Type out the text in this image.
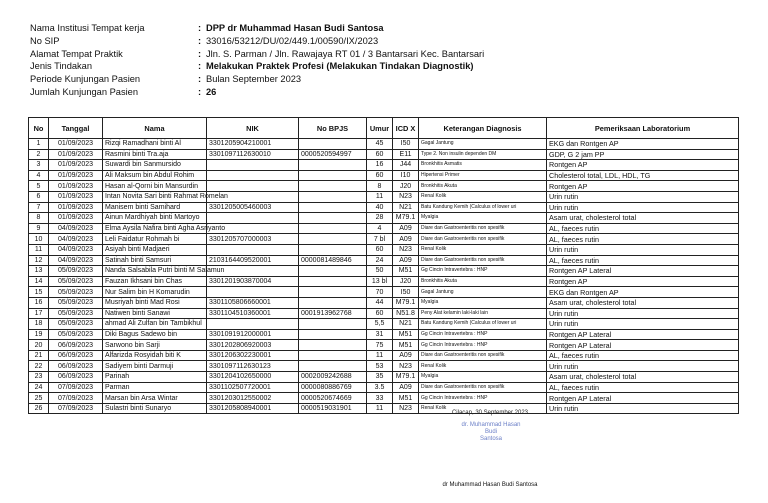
Nama Institusi Tempat kerja	: DPP dr Muhammad Hasan Budi Santosa
No SIP	: 33016/53212/DU/02/449.1/00590/IX/2023
Alamat Tempat Praktik	: Jln. S. Parman / Jln. Rawajaya RT 01 / 3 Bantarsari Kec. Bantarsari
Jenis Tindakan	: Melakukan Praktek Profesi (Melakukan Tindakan Diagnostik)
Periode Kunjungan Pasien	: Bulan September 2023
Jumlah Kunjungan Pasien	: 26
No	Tanggal	Nama	NIK	No BPJS	Umur	ICD X	Keterangan Diagnosis	Pemeriksaan Laboratorium
1	01/09/2023	Rizqi Ramadhani binti Al	3301205904210001		45	I50	Gagal Jantung	EKG dan Rontgen AP
2	01/09/2023	Rasmini binti Tra.aja	3301097112630010	0000520594997	60	E11	Type 2. Non insulin dependen DM	GDP, G 2 jam PP
3	01/09/2023	Suwardi bin Sanmursido			16	J44	Bronkhitis Asmatis	Rontgen AP
4	01/09/2023	Ali Maksum bin Abdul Rohim			60	I10	Hipertensi Primer	Cholesterol total, LDL, HDL, TG
5	01/09/2023	Hasan al-Qorni bin Mansurdin			8	J20	Bronkhitis Akuta	Rontgen AP
6	01/09/2023	Intan Novita Sari binti Rahmat Romelan			11	N23	Renal Kolik	Urin rutin
7	01/09/2023	Manisem binti Samihard	3301205005460003		40	N21	Batu Kandung Kemih (Calculus of lower uri	Urin rutin
8	01/09/2023	Ainun Mardhiyah binti Martoyo			28	M79.1	Myalgia	Asam urat, cholesterol total
9	04/09/2023	Elma Aysila Nafira binti Agha Asriyanto			4	A09	Diare dan Gastroenteritis non spesifik	AL, faeces rutin
10	04/09/2023	Leli Faidatur Rohmah bi	3301205707000003		7 bl	A09	Diare dan Gastroenteritis non spesifik	AL, faeces rutin
11	04/09/2023	Asiyah binti Madjaeri			60	N23	Renal Kolik	Urin rutin
12	04/09/2023	Satinah binti Samsuri	2103164409520001	0000081489846	24	A09	Diare dan Gastroenteritis non spesifik	AL, faeces rutin
13	05/09/2023	Nanda Salsabila Putri binti M Salamun			50	M51	Gg Cincin Intravertebra : HNP	Rontgen AP Lateral
14	05/09/2023	Fauzan Ikhsani bin Chas	3301201903870004		13 bl	J20	Bronkhitis Akuta	Rontgen AP
15	05/09/2023	Nur Salim bin H Komarudin			70	I50	Gagal Jantung	EKG dan Rontgen AP
16	05/09/2023	Musriyah binti Mad Rosi	3301105806660001		44	M79.1	Myalgia	Asam urat, cholesterol total
17	05/09/2023	Natiwen binti Sanawi	3301104510360001	0001913962768	60	N51.8	Peny Alat kelamin laki-laki lain	Urin rutin
18	05/09/2023	ahmad Ali Zulfan bin Tambikhul			5,5	N21	Batu Kandung Kemih (Calculus of lower uri	Urin rutin
19	05/09/2023	Diki Bagus Sadewo bin	3301091912000001		31	M51	Gg Cincin Intravertebra : HNP	Rontgen AP Lateral
20	06/09/2023	Sarwono bin Sarji	3301202806920003		75	M51	Gg Cincin Intravertebra : HNP	Rontgen AP Lateral
21	06/09/2023	Alfarizda Rosyidah biti K	3301206302230001		11	A09	Diare dan Gastroenteritis non spesifik	AL, faeces rutin
22	06/09/2023	Sadiyem binti Darmuji	3301097112630123		53	N23	Renal Kolik	Urin rutin
23	06/09/2023	Parinah	3301204102650000	0002009242688	35	M79.1	Myalgia	Asam urat, cholesterol total
24	07/09/2023	Parman	3301102507720001	0000080886769	3.5	A09	Diare dan Gastroenteritis non spesifik	AL, faeces rutin
25	07/09/2023	Marsan bin Arsa Wintar	3301203012550002	0000520674669	33	M51	Gg Cincin Intravertebra : HNP	Rontgen AP Lateral
26	07/09/2023	Sulastri binti Sunaryo	3301205808940001	0000519031901	11	N23	Renal Kolik	Urin rutin
Cilacap, 30 September 2023
dr. Muhammad Hasan Budi
Santosa
dr Muhammad Hasan Budi Santosa
